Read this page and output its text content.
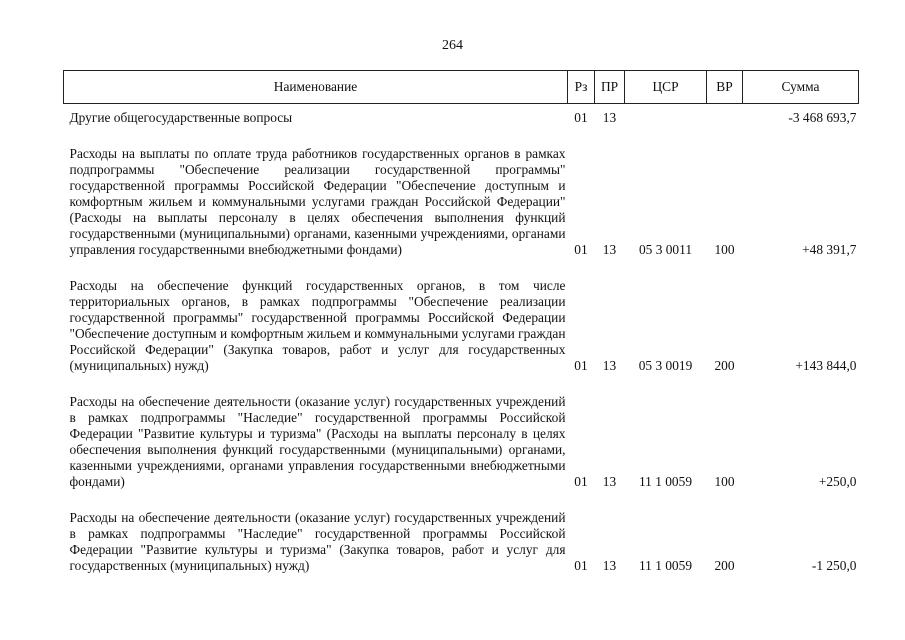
264
Наименование	Рз	ПР	ЦСР	ВР	Сумма
Другие общегосударственные вопросы	01	13			-3 468 693,7
Расходы на выплаты по оплате труда работников государственных органов в рамках подпрограммы "Обеспечение реализации государственной программы" государственной программы Российской Федерации "Обеспечение доступным и комфортным жильем и коммунальными услугами граждан Российской Федерации" (Расходы на выплаты персоналу в целях обеспечения выполнения функций государственными (муниципальными) органами, казенными учреждениями, органами управления государственными внебюджетными фондами)	01	13	05 3 0011	100	+48 391,7
Расходы на обеспечение функций государственных органов, в том числе территориальных органов, в рамках подпрограммы "Обеспечение реализации государственной программы" государственной программы Российской Федерации "Обеспечение доступным и комфортным жильем и коммунальными услугами граждан Российской Федерации" (Закупка товаров, работ и услуг для государственных (муниципальных) нужд)	01	13	05 3 0019	200	+143 844,0
Расходы на обеспечение деятельности (оказание услуг) государственных учреждений в рамках подпрограммы "Наследие" государственной программы Российской Федерации "Развитие культуры и туризма" (Расходы на выплаты персоналу в целях обеспечения выполнения функций государственными (муниципальными) органами, казенными учреждениями, органами управления государственными внебюджетными фондами)	01	13	11 1 0059	100	+250,0
Расходы на обеспечение деятельности (оказание услуг) государственных учреждений в рамках подпрограммы "Наследие" государственной программы Российской Федерации "Развитие культуры и туризма" (Закупка товаров, работ и услуг для государственных (муниципальных) нужд)	01	13	11 1 0059	200	-1 250,0
